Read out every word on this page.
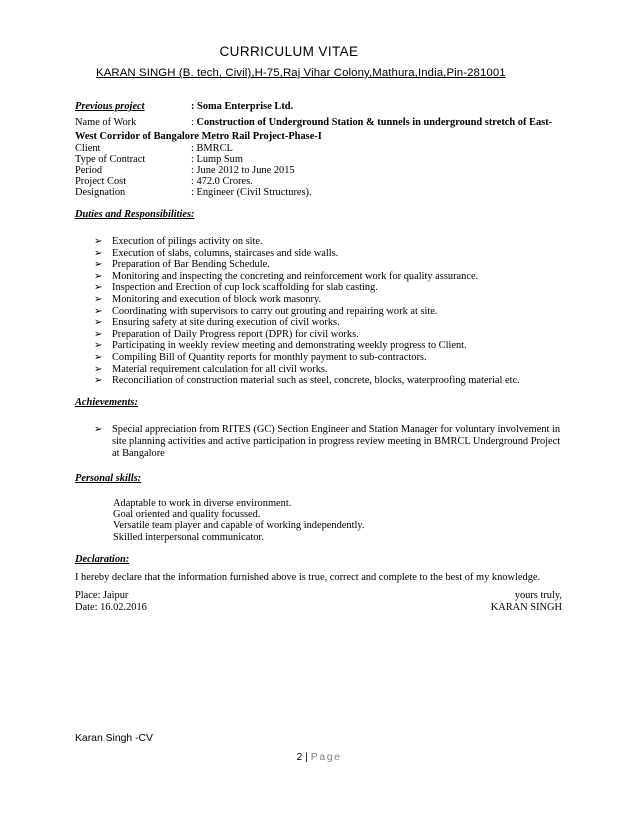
CURRICULUM VITAE
KARAN SINGH (B. tech, Civil),H-75,Raj Vihar Colony,Mathura,India,Pin-281001
Previous project	: Soma Enterprise Ltd.
Name of Work	: Construction of Underground Station & tunnels in underground stretch of East-
West Corridor of Bangalore Metro Rail Project-Phase-I
Client	: BMRCL
Type of Contract	: Lump Sum
Period	: June 2012 to June 2015
Project Cost	: 472.0 Crores.
Designation	: Engineer (Civil Structures).
Duties and Responsibilities:
➢ Execution of pilings activity on site.
➢ Execution of slabs, columns, staircases and side walls.
➢ Preparation of Bar Bending Schedule.
➢ Monitoring and inspecting the concreting and reinforcement work for quality assurance.
➢ Inspection and Erection of cup lock scaffolding for slab casting.
➢ Monitoring and execution of block work masonry.
➢ Coordinating with supervisors to carry out grouting and repairing work at site.
➢ Ensuring safety at site during execution of civil works.
➢ Preparation of Daily Progress report (DPR) for civil works.
➢ Participating in weekly review meeting and demonstrating weekly progress to Client.
➢ Compiling Bill of Quantity reports for monthly payment to sub-contractors.
➢ Material requirement calculation for all civil works.
➢ Reconciliation of construction material such as steel, concrete, blocks, waterproofing material etc.
Achievements:
➢ Special appreciation from RITES (GC) Section Engineer and Station Manager for voluntary involvement in site planning activities and active participation in progress review meeting in BMRCL Underground Project at Bangalore
Personal skills:
Adaptable to work in diverse environment.
Goal oriented and quality focussed.
Versatile team player and capable of working independently.
Skilled interpersonal communicator.
Declaration:
I hereby declare that the information furnished above is true, correct and complete to the best of my knowledge.
Place: Jaipur	yours truly,
Date: 16.02.2016	KARAN SINGH
Karan Singh -CV
2 | Page
